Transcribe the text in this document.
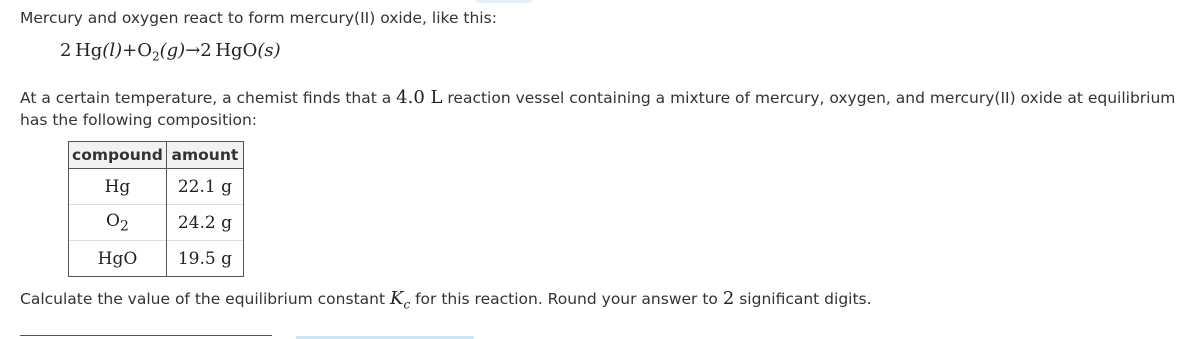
Mercury and oxygen react to form mercury(II) oxide, like this:
2  $Hg(l)+O_2(g)\to 2$  HgO(s)
At a certain temperature, a chemist finds that a 4.0 L reaction vessel containing a mixture of mercury, oxygen, and mercury(II) oxide at equilibrium has the following composition:
compound	amount
Hg	22.1 g
$O_2$	24.2 g
HgO	19.5 g
Calculate the value of the equilibrium constant $K_c$ for this reaction. Round your answer to 2 significant digits.
